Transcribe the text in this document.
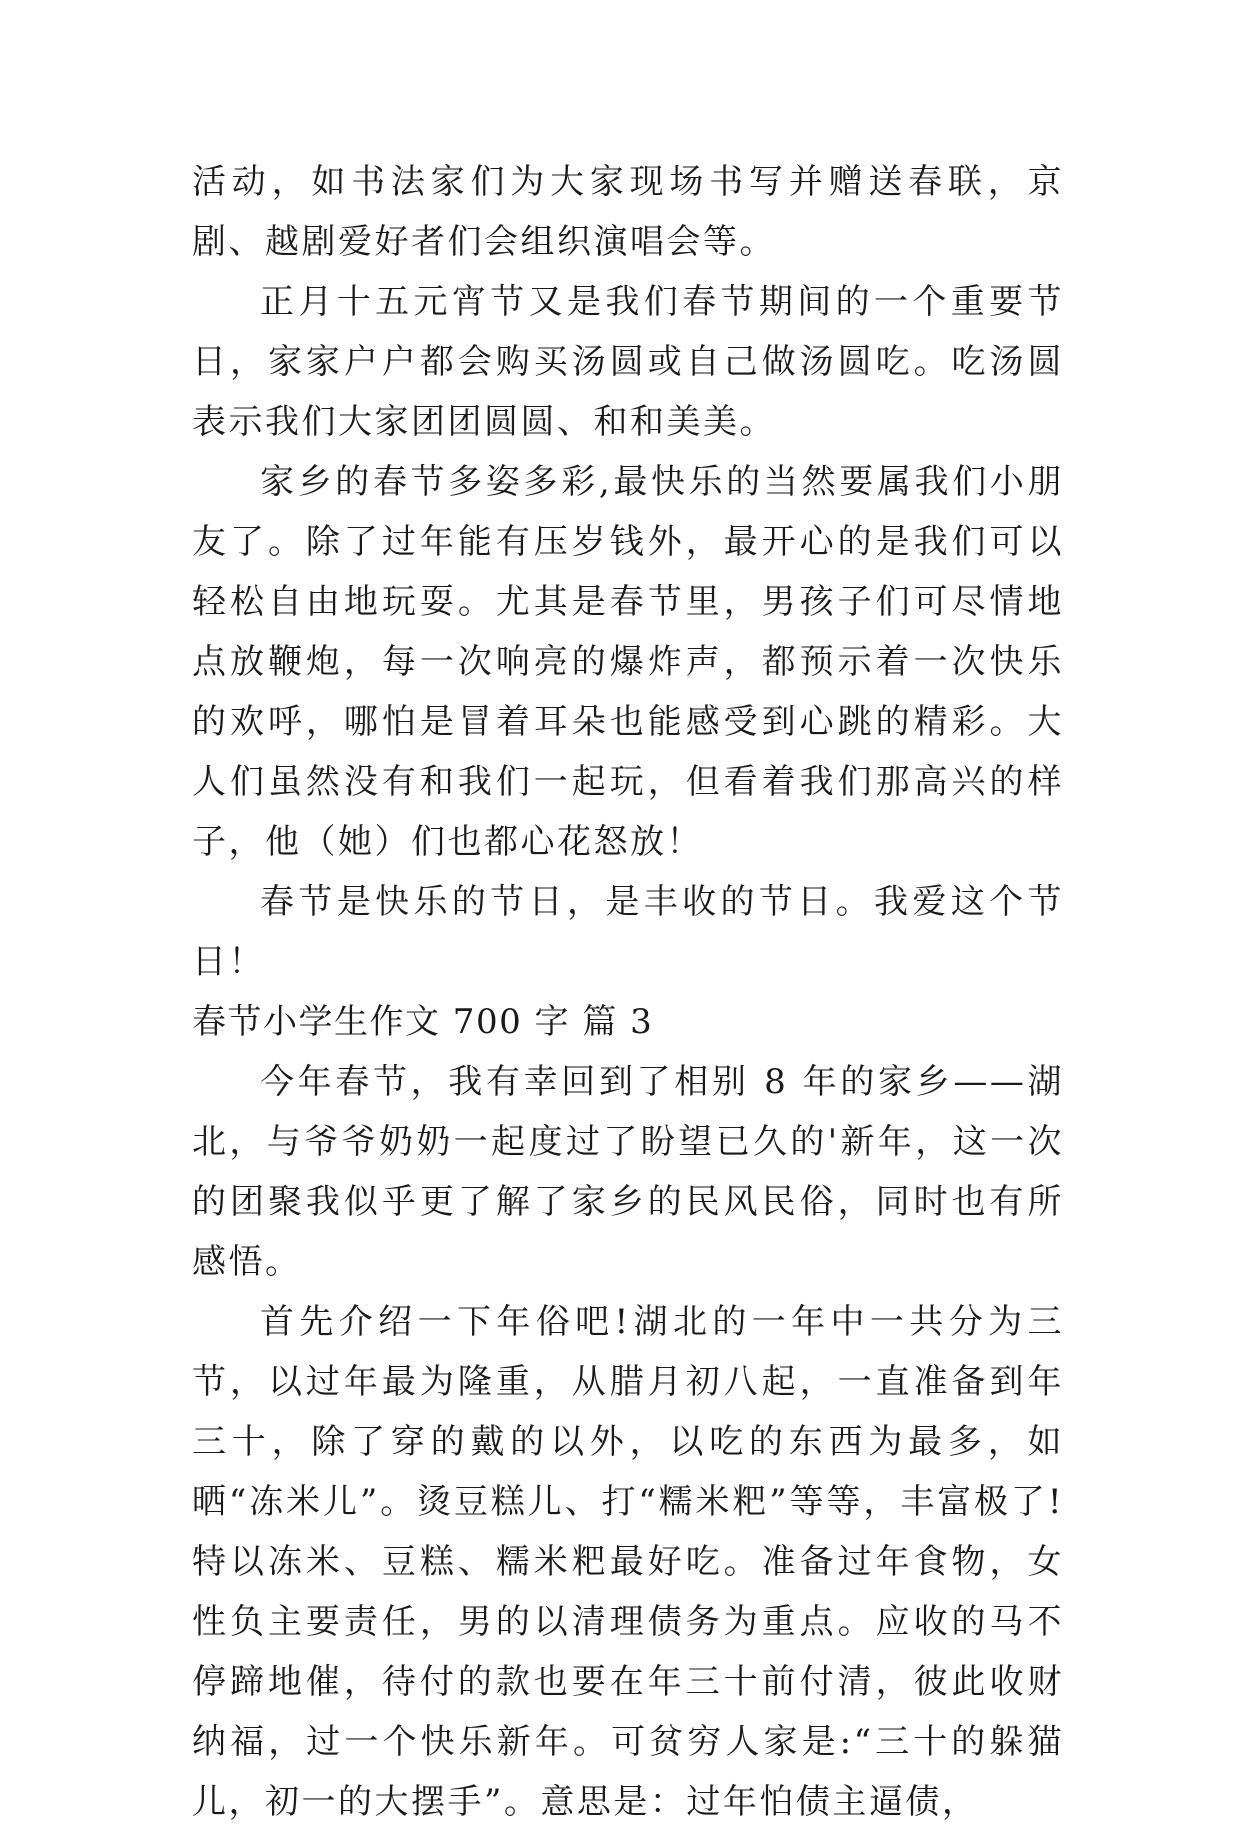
活动，如书法家们为大家现场书写并赠送春联，京剧、越剧爱好者们会组织演唱会等。

正月十五元宵节又是我们春节期间的一个重要节日，家家户户都会购买汤圆或自己做汤圆吃。吃汤圆表示我们大家团团圆圆、和和美美。

家乡的春节多姿多彩,最快乐的当然要属我们小朋友了。除了过年能有压岁钱外，最开心的是我们可以轻松自由地玩耍。尤其是春节里，男孩子们可尽情地点放鞭炮，每一次响亮的爆炸声，都预示着一次快乐的欢呼，哪怕是冒着耳朵也能感受到心跳的精彩。大人们虽然没有和我们一起玩，但看着我们那高兴的样子，他（她）们也都心花怒放！

春节是快乐的节日，是丰收的节日。我爱这个节日！

春节小学生作文 700 字 篇 3

今年春节，我有幸回到了相别 8 年的家乡——湖北，与爷爷奶奶一起度过了盼望已久的'新年，这一次的团聚我似乎更了解了家乡的民风民俗，同时也有所感悟。

首先介绍一下年俗吧!湖北的一年中一共分为三节，以过年最为隆重，从腊月初八起，一直准备到年三十，除了穿的戴的以外，以吃的东西为最多，如晒“冻米儿”。烫豆糕儿、打“糯米粑”等等，丰富极了!特以冻米、豆糕、糯米粑最好吃。准备过年食物，女性负主要责任，男的以清理债务为重点。应收的马不停蹄地催，待付的款也要在年三十前付清，彼此收财纳福，过一个快乐新年。可贫穷人家是:“三十的躲猫儿，初一的大摆手”。意思是：过年怕债主逼债，
